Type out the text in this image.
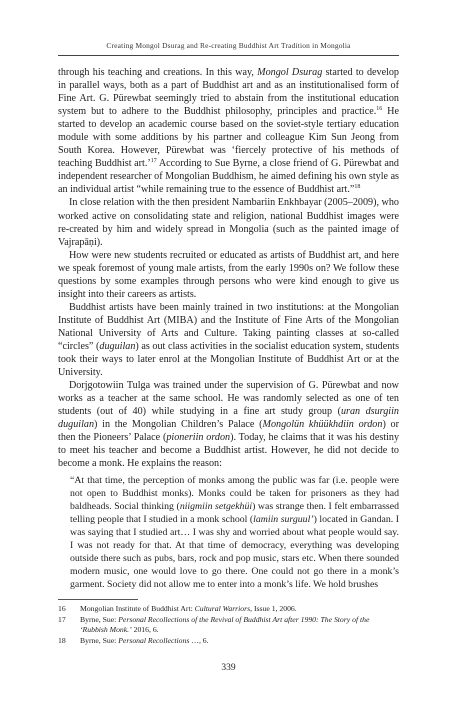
Creating Mongol Dsurag and Re-creating Buddhist Art Tradition in Mongolia

through his teaching and creations. In this way, Mongol Dsurag started to develop in parallel ways, both as a part of Buddhist art and as an institutionalised form of Fine Art. G. Pürewbat seemingly tried to abstain from the institutional education system but to adhere to the Buddhist philosophy, principles and practice.$^{16}$ He started to develop an academic course based on the soviet-style tertiary education module with some additions by his partner and colleague Kim Sun Jeong from South Korea. However, Pürewbat was ‘fiercely protective of his methods of teaching Buddhist art.’$^{17}$ According to Sue Byrne, a close friend of G. Pürewbat and independent researcher of Mongolian Buddhism, he aimed defining his own style as an individual artist “while remaining true to the essence of Buddhist art.”$^{18}$

In close relation with the then president Nambariin Enkhbayar (2005–2009), who worked active on consolidating state and religion, national Buddhist images were re-created by him and widely spread in Mongolia (such as the painted image of Vajrapāṇi).

How were new students recruited or educated as artists of Buddhist art, and here we speak foremost of young male artists, from the early 1990s on? We follow these questions by some examples through persons who were kind enough to give us insight into their careers as artists.

Buddhist artists have been mainly trained in two institutions: at the Mongolian Institute of Buddhist Art (MIBA) and the Institute of Fine Arts of the Mongolian National University of Arts and Culture. Taking painting classes at so-called “circles” (duguilan) as out class activities in the socialist education system, students took their ways to later enrol at the Mongolian Institute of Buddhist Art or at the University.

Dorjgotowiin Tulga was trained under the supervision of G. Pürewbat and now works as a teacher at the same school. He was randomly selected as one of ten students (out of 40) while studying in a fine art study group (uran dsurgiin duguilan) in the Mongolian Children’s Palace (Mongolün khüükhdiin ordon) or then the Pioneers’ Palace (pioneriin ordon). Today, he claims that it was his destiny to meet his teacher and become a Buddhist artist. However, he did not decide to become a monk. He explains the reason:

“At that time, the perception of monks among the public was far (i.e. people were not open to Buddhist monks). Monks could be taken for prisoners as they had baldheads. Social thinking (niigmiin setgekhüi) was strange then. I felt embarrassed telling people that I studied in a monk school (lamiin surguul’) located in Gandan. I was saying that I studied art… I was shy and worried about what people would say. I was not ready for that. At that time of democracy, everything was developing outside there such as pubs, bars, rock and pop music, stars etc. When there sounded modern music, one would love to go there. One could not go there in a monk’s garment. Society did not allow me to enter into a monk’s life. We hold brushes

16	Mongolian Institute of Buddhist Art: Cultural Warriors, Issue 1, 2006.
17	Byrne, Sue: Personal Recollections of the Revival of Buddhist Art after 1990: The Story of the ‘Rubbish Monk.’ 2016, 6.
18	Byrne, Sue: Personal Recollections …, 6.
339
